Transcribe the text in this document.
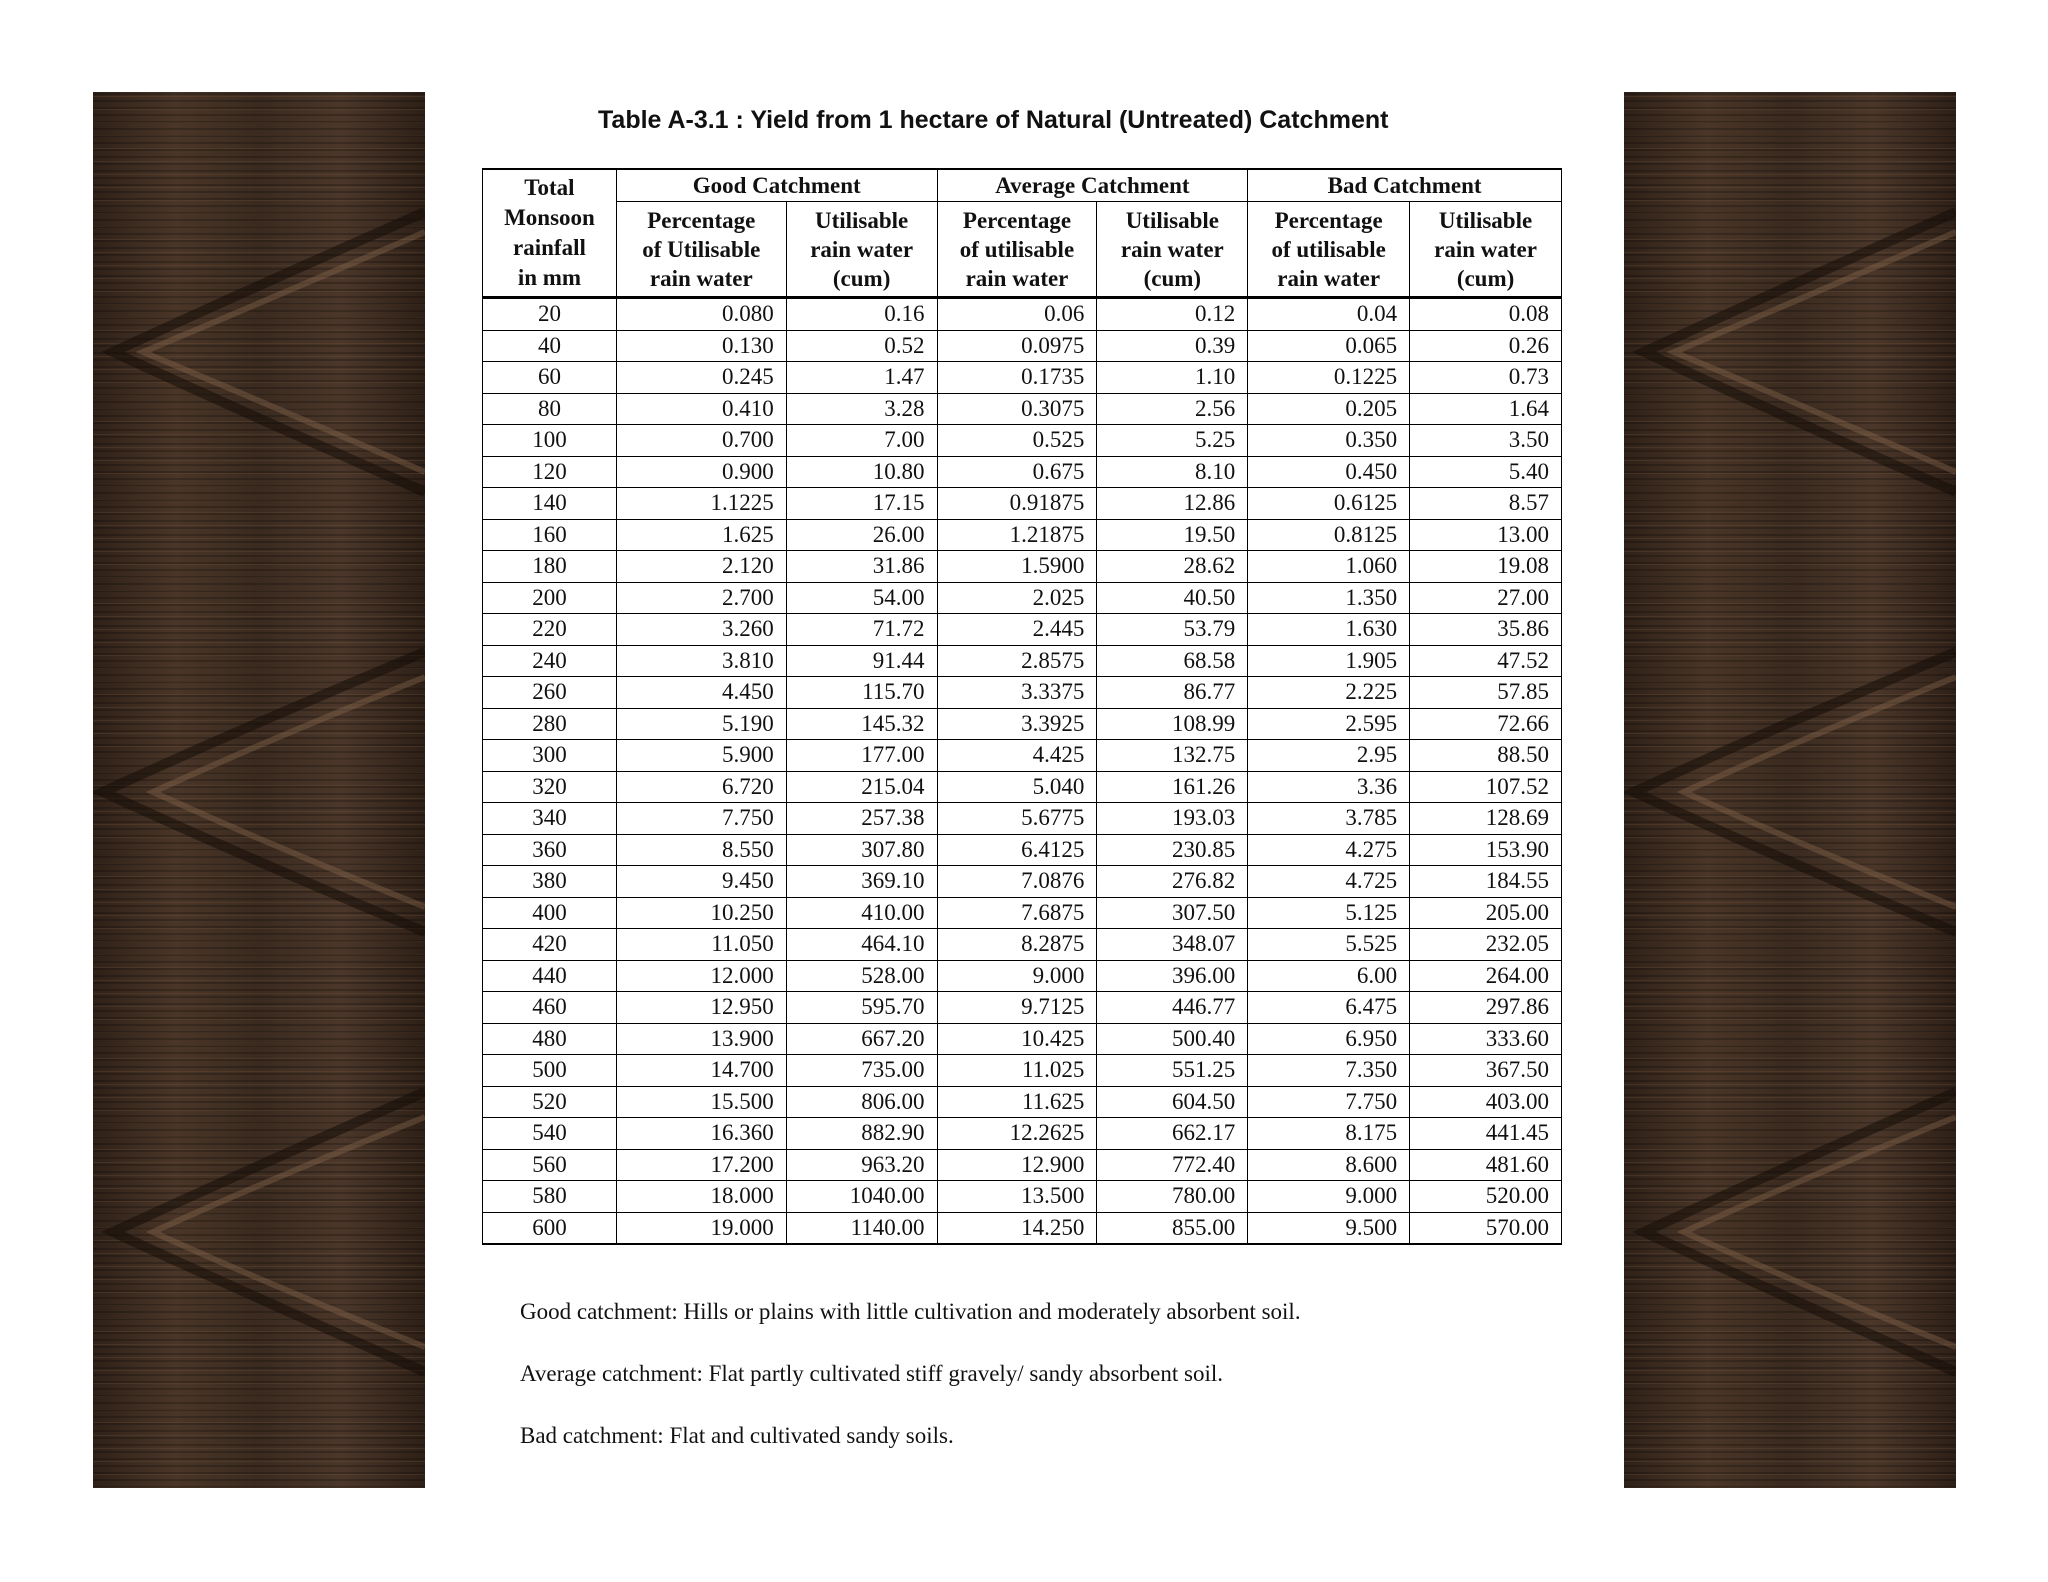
Table A-3.1 : Yield from 1 hectare of Natural (Untreated) Catchment
Total
Monsoon
rainfall
in mm	Good Catchment		Average Catchment		Bad Catchment	
	Percentage
of Utilisable
rain water	Utilisable
rain water
(cum)	Percentage
of utilisable
rain water	Utilisable
rain water
(cum)	Percentage
of utilisable
rain water	Utilisable
rain water
(cum)
20	0.080	0.16	0.06	0.12	0.04	0.08
40	0.130	0.52	0.0975	0.39	0.065	0.26
60	0.245	1.47	0.1735	1.10	0.1225	0.73
80	0.410	3.28	0.3075	2.56	0.205	1.64
100	0.700	7.00	0.525	5.25	0.350	3.50
120	0.900	10.80	0.675	8.10	0.450	5.40
140	1.1225	17.15	0.91875	12.86	0.6125	8.57
160	1.625	26.00	1.21875	19.50	0.8125	13.00
180	2.120	31.86	1.5900	28.62	1.060	19.08
200	2.700	54.00	2.025	40.50	1.350	27.00
220	3.260	71.72	2.445	53.79	1.630	35.86
240	3.810	91.44	2.8575	68.58	1.905	47.52
260	4.450	115.70	3.3375	86.77	2.225	57.85
280	5.190	145.32	3.3925	108.99	2.595	72.66
300	5.900	177.00	4.425	132.75	2.95	88.50
320	6.720	215.04	5.040	161.26	3.36	107.52
340	7.750	257.38	5.6775	193.03	3.785	128.69
360	8.550	307.80	6.4125	230.85	4.275	153.90
380	9.450	369.10	7.0876	276.82	4.725	184.55
400	10.250	410.00	7.6875	307.50	5.125	205.00
420	11.050	464.10	8.2875	348.07	5.525	232.05
440	12.000	528.00	9.000	396.00	6.00	264.00
460	12.950	595.70	9.7125	446.77	6.475	297.86
480	13.900	667.20	10.425	500.40	6.950	333.60
500	14.700	735.00	11.025	551.25	7.350	367.50
520	15.500	806.00	11.625	604.50	7.750	403.00
540	16.360	882.90	12.2625	662.17	8.175	441.45
560	17.200	963.20	12.900	772.40	8.600	481.60
580	18.000	1040.00	13.500	780.00	9.000	520.00
600	19.000	1140.00	14.250	855.00	9.500	570.00

Good catchment: Hills or plains with little cultivation and moderately absorbent soil.

Average catchment: Flat partly cultivated stiff gravely/ sandy absorbent soil.

Bad catchment: Flat and cultivated sandy soils.
